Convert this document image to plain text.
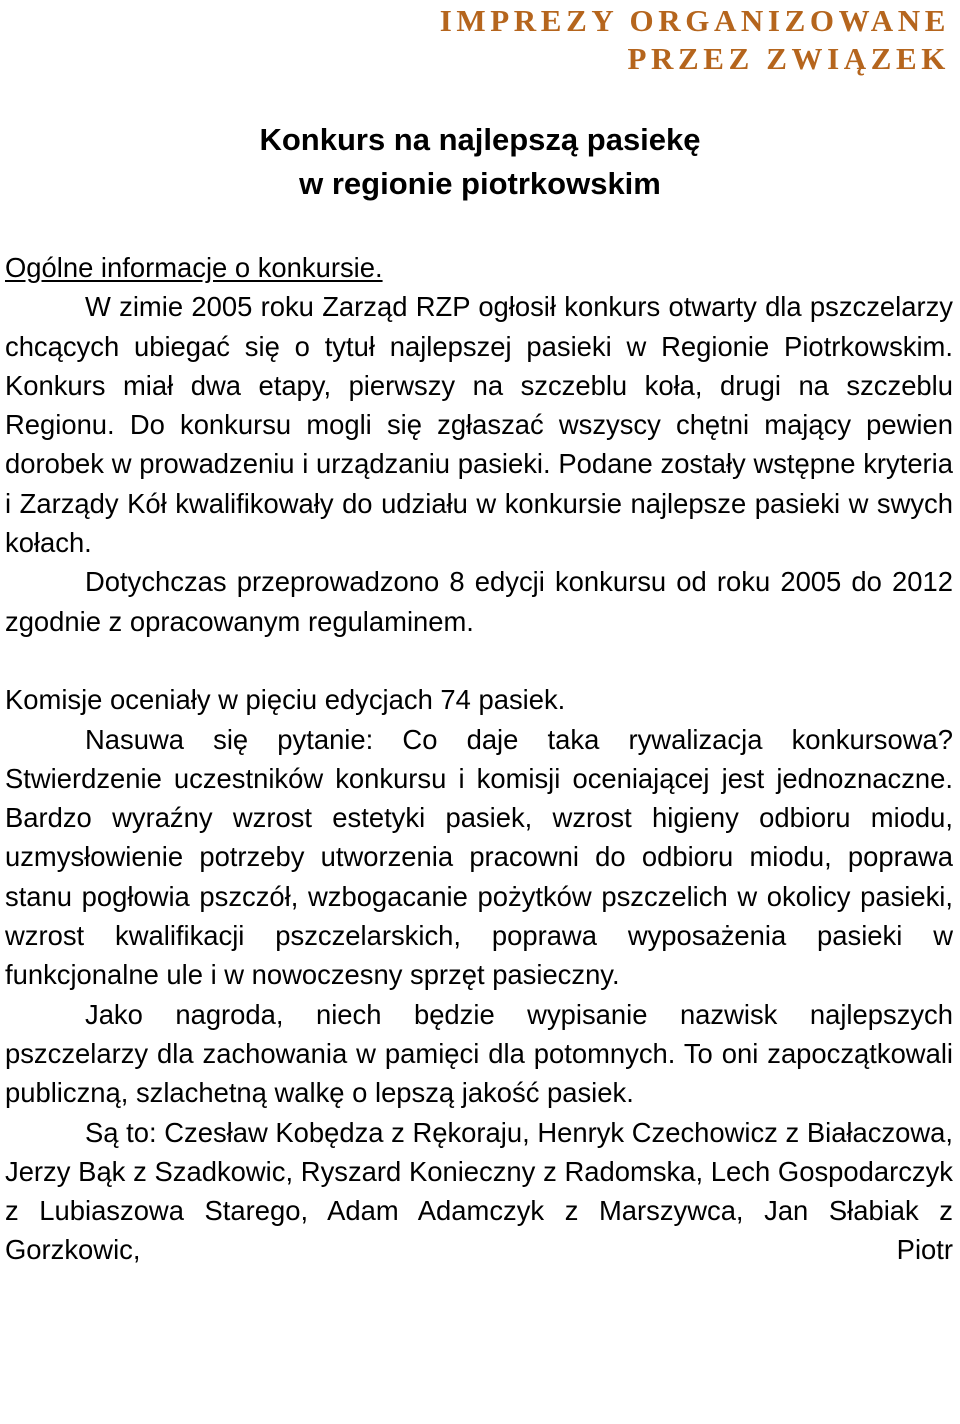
IMPREZY ORGANIZOWANE
PRZEZ ZWIĄZEK
Konkurs na najlepszą pasiekę
w regionie piotrkowskim

Ogólne informacje o konkursie.

W zimie 2005 roku Zarząd RZP ogłosił konkurs otwarty dla pszczelarzy chcących ubiegać się o tytuł najlepszej pasieki w Regionie Piotrkowskim. Konkurs miał dwa etapy, pierwszy na szczeblu koła, drugi na szczeblu Regionu. Do konkursu mogli się zgłaszać wszyscy chętni mający pewien dorobek w prowadzeniu i urządzaniu pasieki. Podane zostały wstępne kryteria i Zarządy Kół kwalifikowały do udziału w konkursie najlepsze pasieki w swych kołach.

Dotychczas przeprowadzono 8 edycji konkursu od roku 2005 do 2012 zgodnie z opracowanym regulaminem.

Komisje oceniały w pięciu edycjach 74 pasiek.

Nasuwa się pytanie: Co daje taka rywalizacja konkursowa? Stwierdzenie uczestników konkursu i komisji oceniającej jest jednoznaczne. Bardzo wyraźny wzrost estetyki pasiek, wzrost higieny odbioru miodu, uzmysłowienie potrzeby utworzenia pracowni do odbioru miodu, poprawa stanu pogłowia pszczół, wzbogacanie pożytków pszczelich w okolicy pasieki, wzrost kwalifikacji pszczelarskich, poprawa wyposażenia pasieki w funkcjonalne ule i w nowoczesny sprzęt pasieczny.

Jako nagroda, niech będzie wypisanie nazwisk najlepszych pszczelarzy dla zachowania w pamięci dla potomnych. To oni zapoczątkowali publiczną, szlachetną walkę o lepszą jakość pasiek.

Są to: Czesław Kobędza z Rękoraju, Henryk Czechowicz z Białaczowa, Jerzy Bąk z Szadkowic, Ryszard Konieczny z Radomska, Lech Gospodarczyk z Lubiaszowa Starego, Adam Adamczyk z Marszywca, Jan Słabiak z Gorzkowic, Piotr
